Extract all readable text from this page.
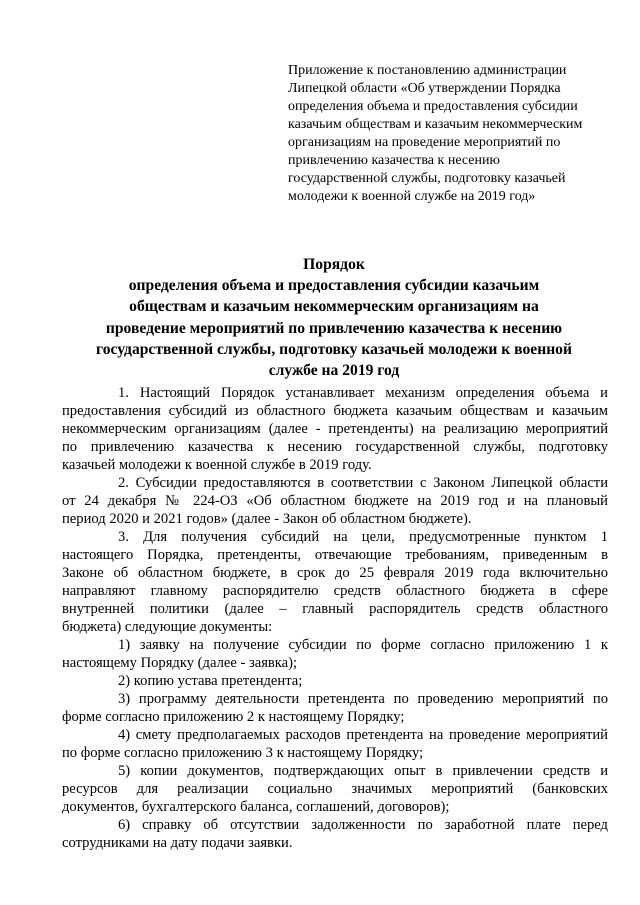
Приложение к постановлению администрации
Липецкой области «Об утверждении Порядка
определения объема и предоставления субсидии
казачьим обществам и казачьим некоммерческим
организациям на проведение мероприятий по
привлечению казачества к несению
государственной службы, подготовку казачьей
молодежи к военной службе на 2019 год»
Порядок
определения объема и предоставления субсидии казачьим
обществам и казачьим некоммерческим организациям на
проведение мероприятий по привлечению казачества к несению
государственной службы, подготовку казачьей молодежи к военной
службе на 2019 год
1. Настоящий Порядок устанавливает механизм определения объема и
предоставления субсидий из областного бюджета казачьим обществам и казачьим
некоммерческим организациям (далее - претенденты) на реализацию мероприятий
по привлечению казачества к несению государственной службы, подготовку
казачьей молодежи к военной службе в 2019 году.
2. Субсидии предоставляются в соответствии с Законом Липецкой области
от 24 декабря № 224-ОЗ «Об областном бюджете на 2019 год и на плановый
период 2020 и 2021 годов» (далее - Закон об областном бюджете).
3. Для получения субсидий на цели, предусмотренные пунктом 1
настоящего Порядка, претенденты, отвечающие требованиям, приведенным в
Законе об областном бюджете, в срок до 25 февраля 2019 года включительно
направляют главному распорядителю средств областного бюджета в сфере
внутренней политики (далее – главный распорядитель средств областного
бюджета) следующие документы:
1) заявку на получение субсидии по форме согласно приложению 1 к
настоящему Порядку (далее - заявка);
2) копию устава претендента;
3) программу деятельности претендента по проведению мероприятий по
форме согласно приложению 2 к настоящему Порядку;
4) смету предполагаемых расходов претендента на проведение мероприятий
по форме согласно приложению 3 к настоящему Порядку;
5) копии документов, подтверждающих опыт в привлечении средств и
ресурсов для реализации социально значимых мероприятий (банковских
документов, бухгалтерского баланса, соглашений, договоров);
6) справку об отсутствии задолженности по заработной плате перед
сотрудниками на дату подачи заявки.
